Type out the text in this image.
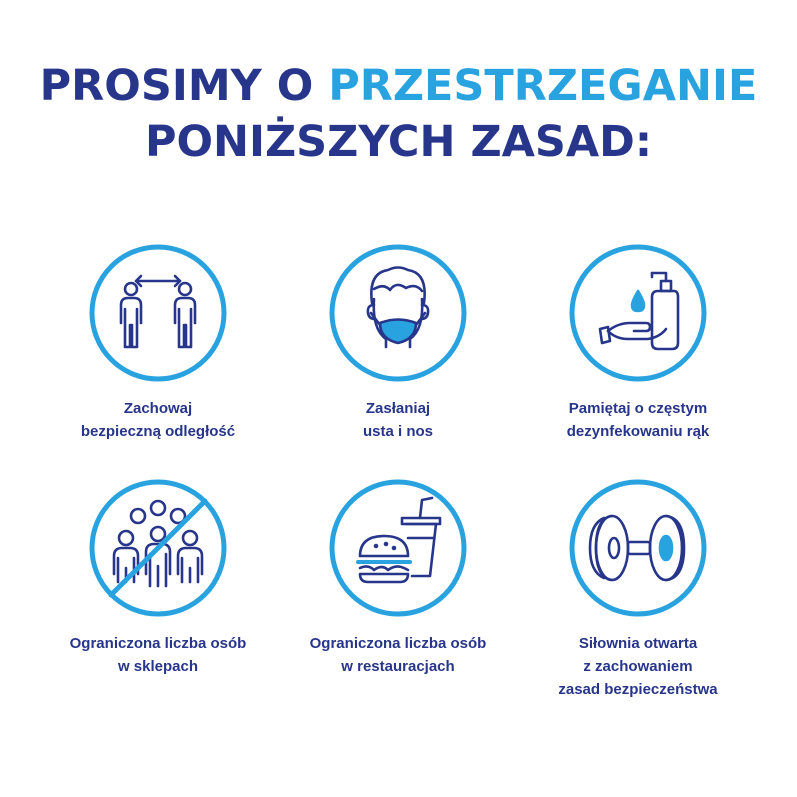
PROSIMY O PRZESTRZEGANIE
PONIŻSZYCH ZASAD:
Zachowaj
bezpieczną odległość
Zasłaniaj
usta i nos
Pamiętaj o częstym
dezynfekowaniu rąk
Ograniczona liczba osób
w sklepach
Ograniczona liczba osób
w restauracjach
Siłownia otwarta
z zachowaniem
zasad bezpieczeństwa
